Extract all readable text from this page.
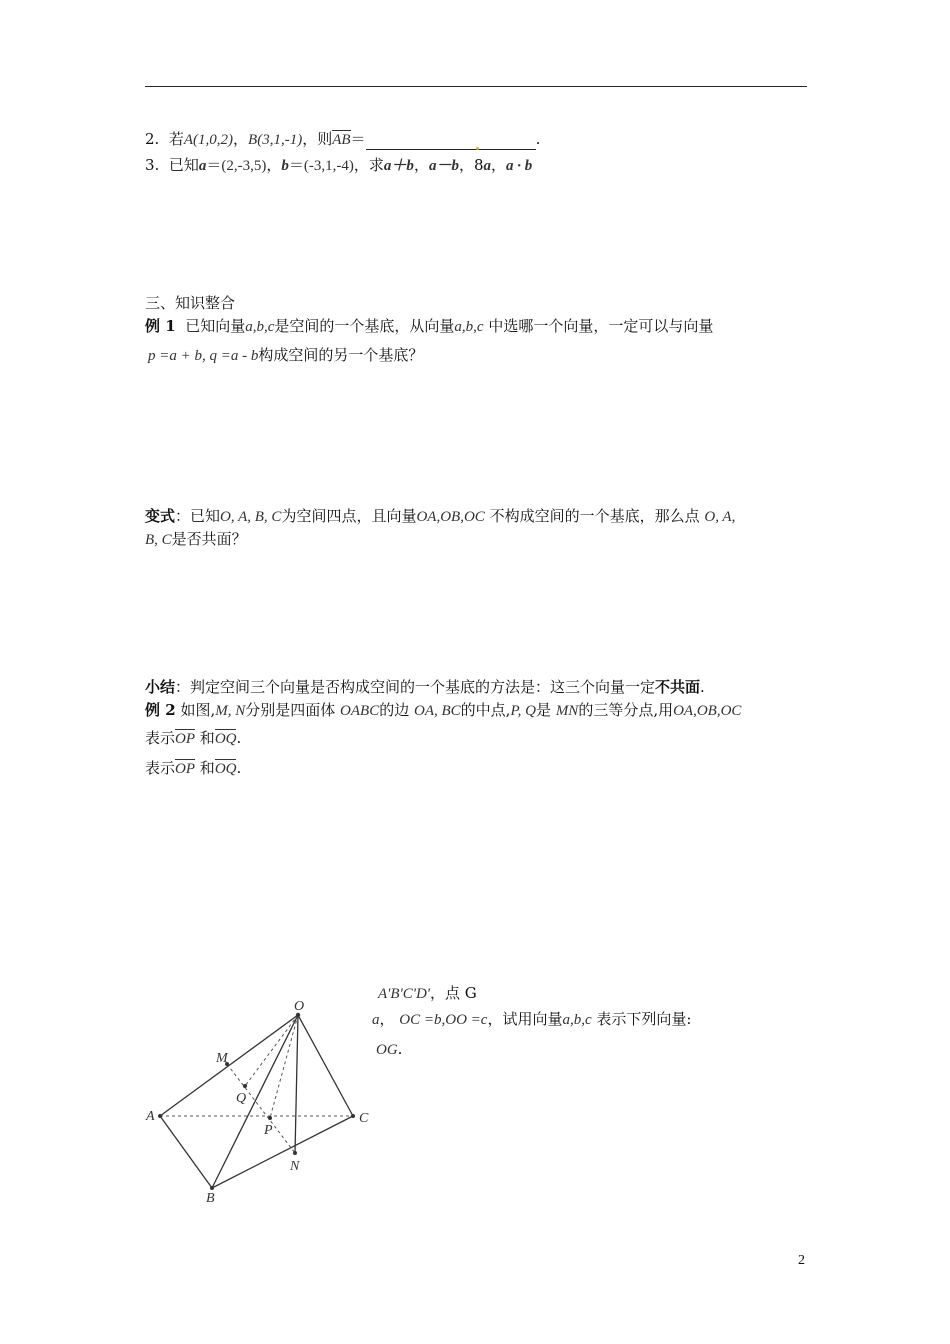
2. 若A(1,0,2)，B(3,1,-1)，则AB＝	.
3. 已知a＝(2,-3,5)，b＝(-3,1,-4)，求a＋b，a－b，8a，a · b
三、知识整合
例 1 已知向量a,b,c是空间的一个基底，从向量a,b,c 中选哪一个向量，一定可以与向量
p =a + b, q =a - b构成空间的另一个基底？
变式：已知O, A, B, C为空间四点，且向量OA,OB,OC 不构成空间的一个基底，那么点 O, A,
B, C是否共面？
小结：判定空间三个向量是否构成空间的一个基底的方法是：这三个向量一定不共面.
例 2 如图,M, N分别是四面体 OABC的边 OA, BC的中点,P, Q是 MN的三等分点,用OA,OB,OC
表示OP 和OQ.
表示OP 和OQ.
A'B'C'D'，点 G
a， OC =b,OO =c，试用向量a,b,c 表示下列向量:
OG.
O
M
Q
P
A	C
N
B
2
